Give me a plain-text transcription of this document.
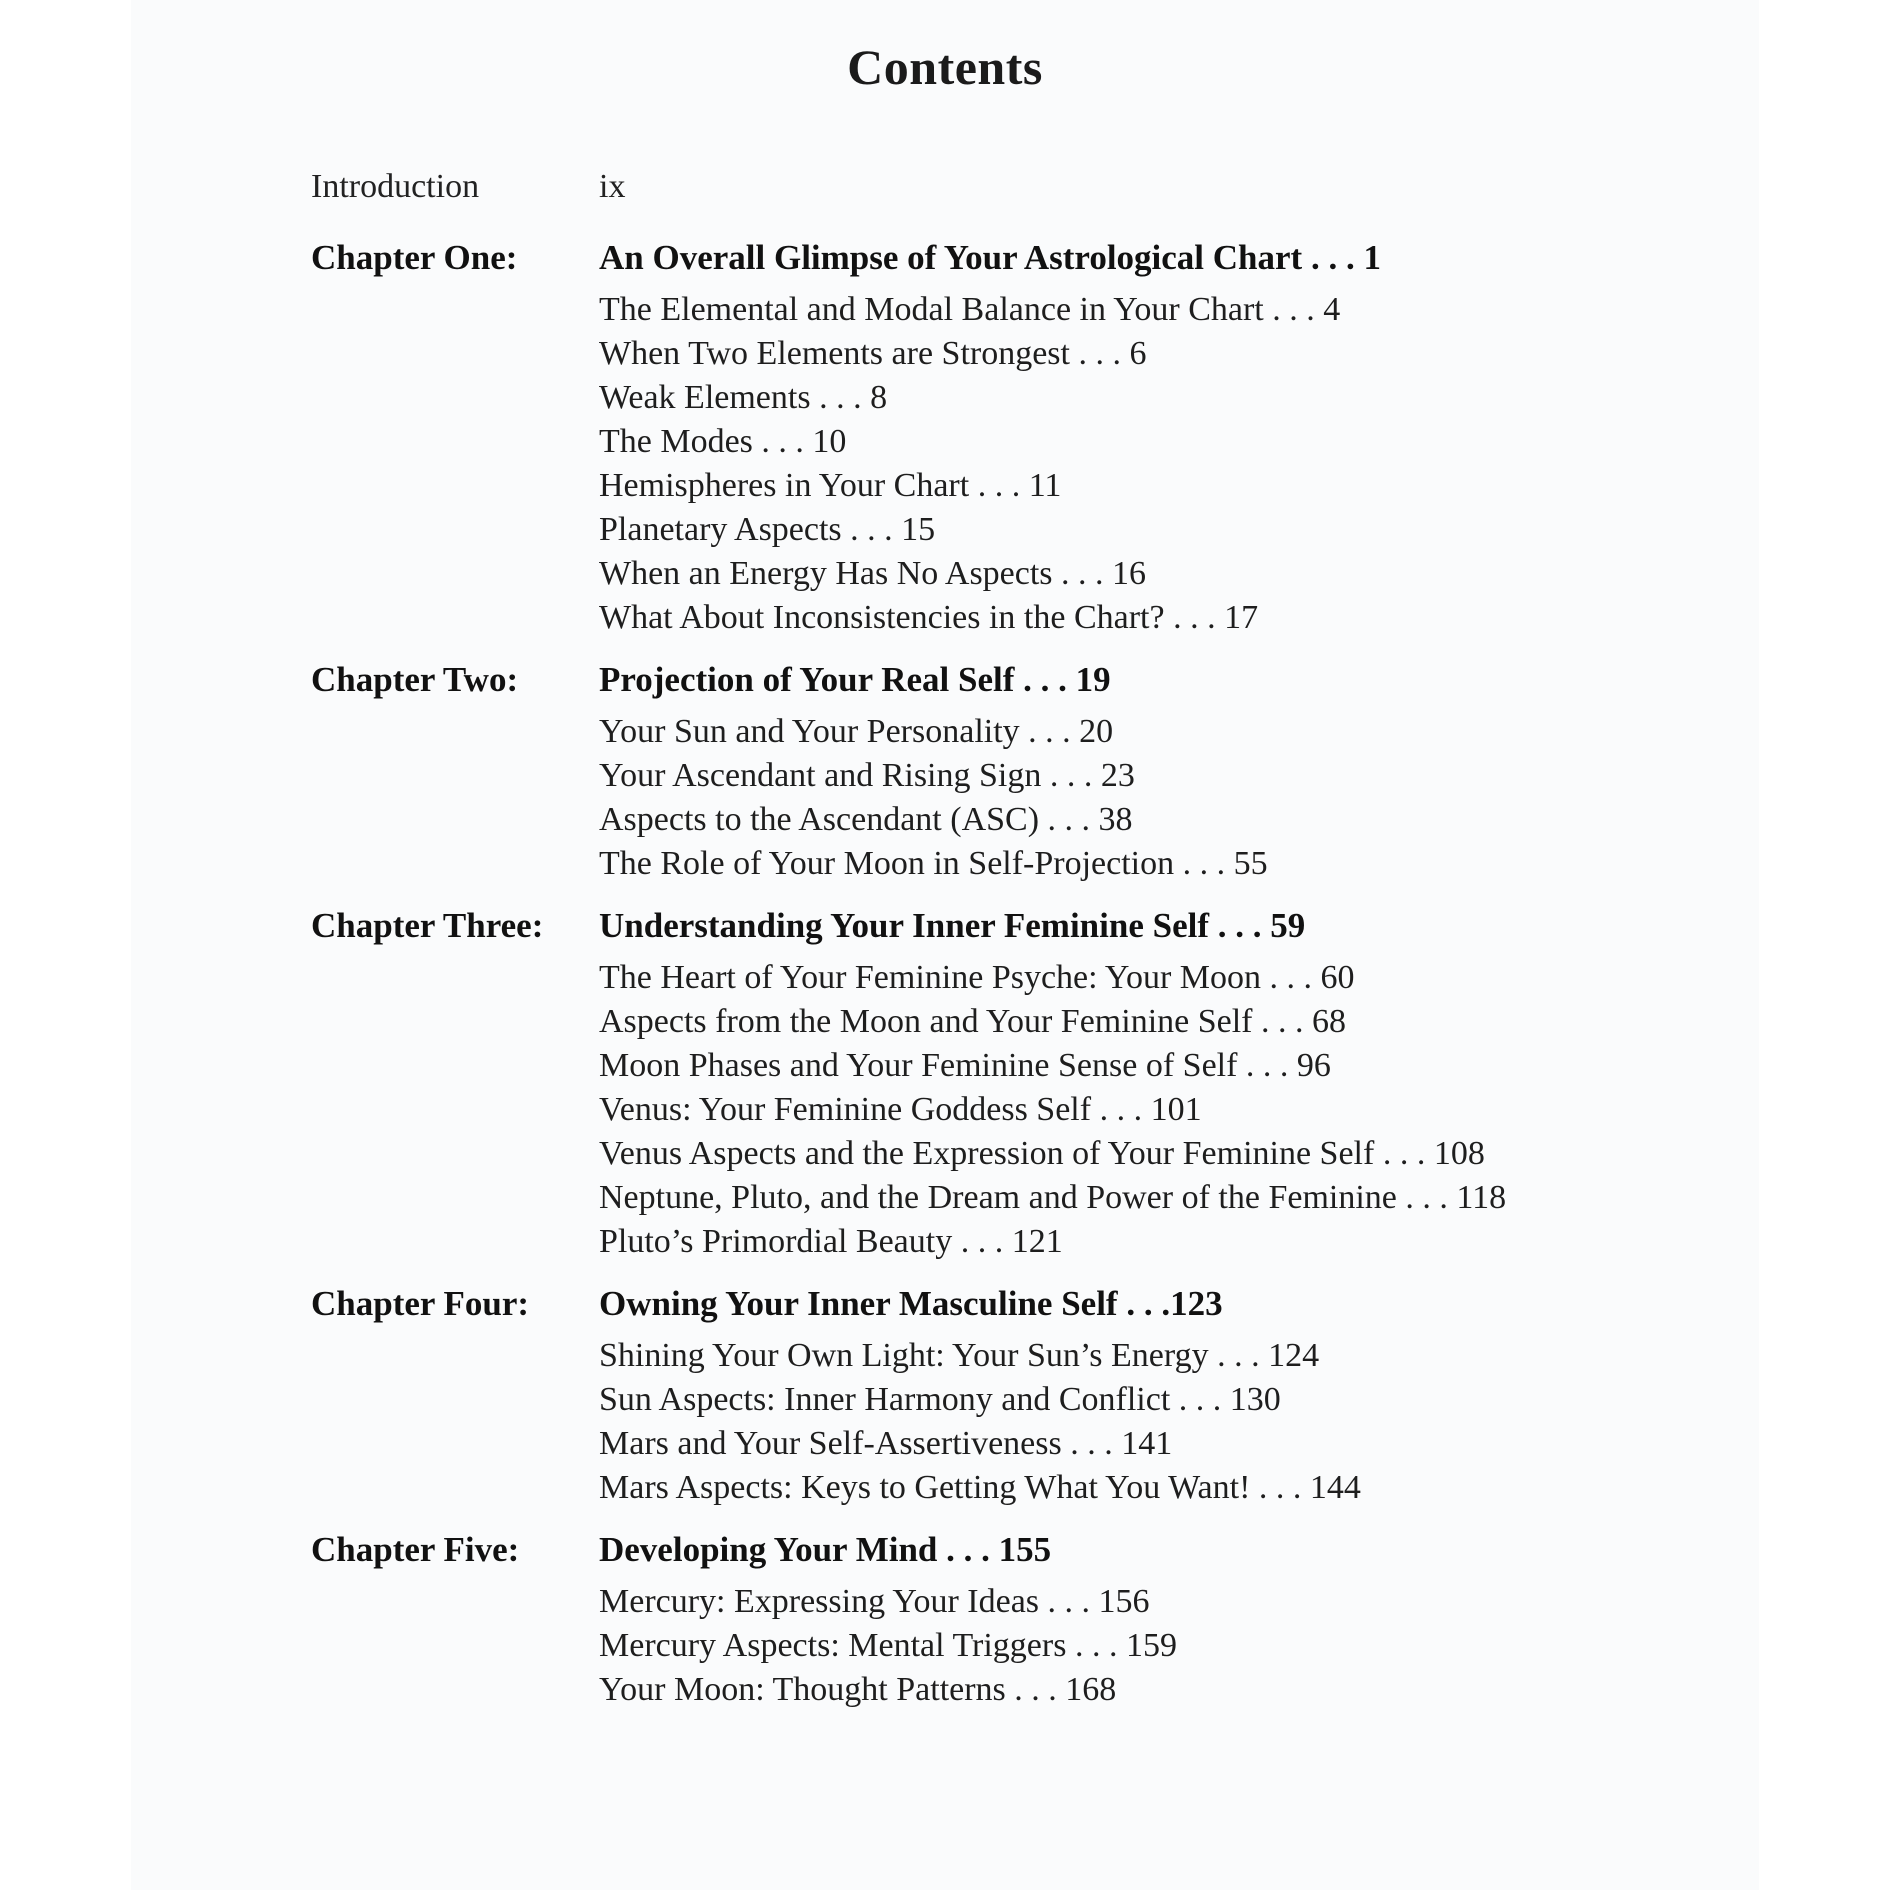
Contents
Introduction	ix
Chapter One:	An Overall Glimpse of Your Astrological Chart . . . 1
The Elemental and Modal Balance in Your Chart . . . 4
When Two Elements are Strongest . . . 6
Weak Elements . . . 8
The Modes . . . 10
Hemispheres in Your Chart . . . 11
Planetary Aspects . . . 15
When an Energy Has No Aspects . . . 16
What About Inconsistencies in the Chart? . . . 17
Chapter Two:	Projection of Your Real Self . . . 19
Your Sun and Your Personality . . . 20
Your Ascendant and Rising Sign . . . 23
Aspects to the Ascendant (ASC) . . . 38
The Role of Your Moon in Self-Projection . . . 55
Chapter Three:	Understanding Your Inner Feminine Self . . . 59
The Heart of Your Feminine Psyche: Your Moon . . . 60
Aspects from the Moon and Your Feminine Self . . . 68
Moon Phases and Your Feminine Sense of Self . . . 96
Venus: Your Feminine Goddess Self . . . 101
Venus Aspects and the Expression of Your Feminine Self . . . 108
Neptune, Pluto, and the Dream and Power of the Feminine . . . 118
Pluto’s Primordial Beauty . . . 121
Chapter Four:	Owning Your Inner Masculine Self . . .123
Shining Your Own Light: Your Sun’s Energy . . . 124
Sun Aspects: Inner Harmony and Conflict . . . 130
Mars and Your Self-Assertiveness . . . 141
Mars Aspects: Keys to Getting What You Want! . . . 144
Chapter Five:	Developing Your Mind . . . 155
Mercury: Expressing Your Ideas . . . 156
Mercury Aspects: Mental Triggers . . . 159
Your Moon: Thought Patterns . . . 168
